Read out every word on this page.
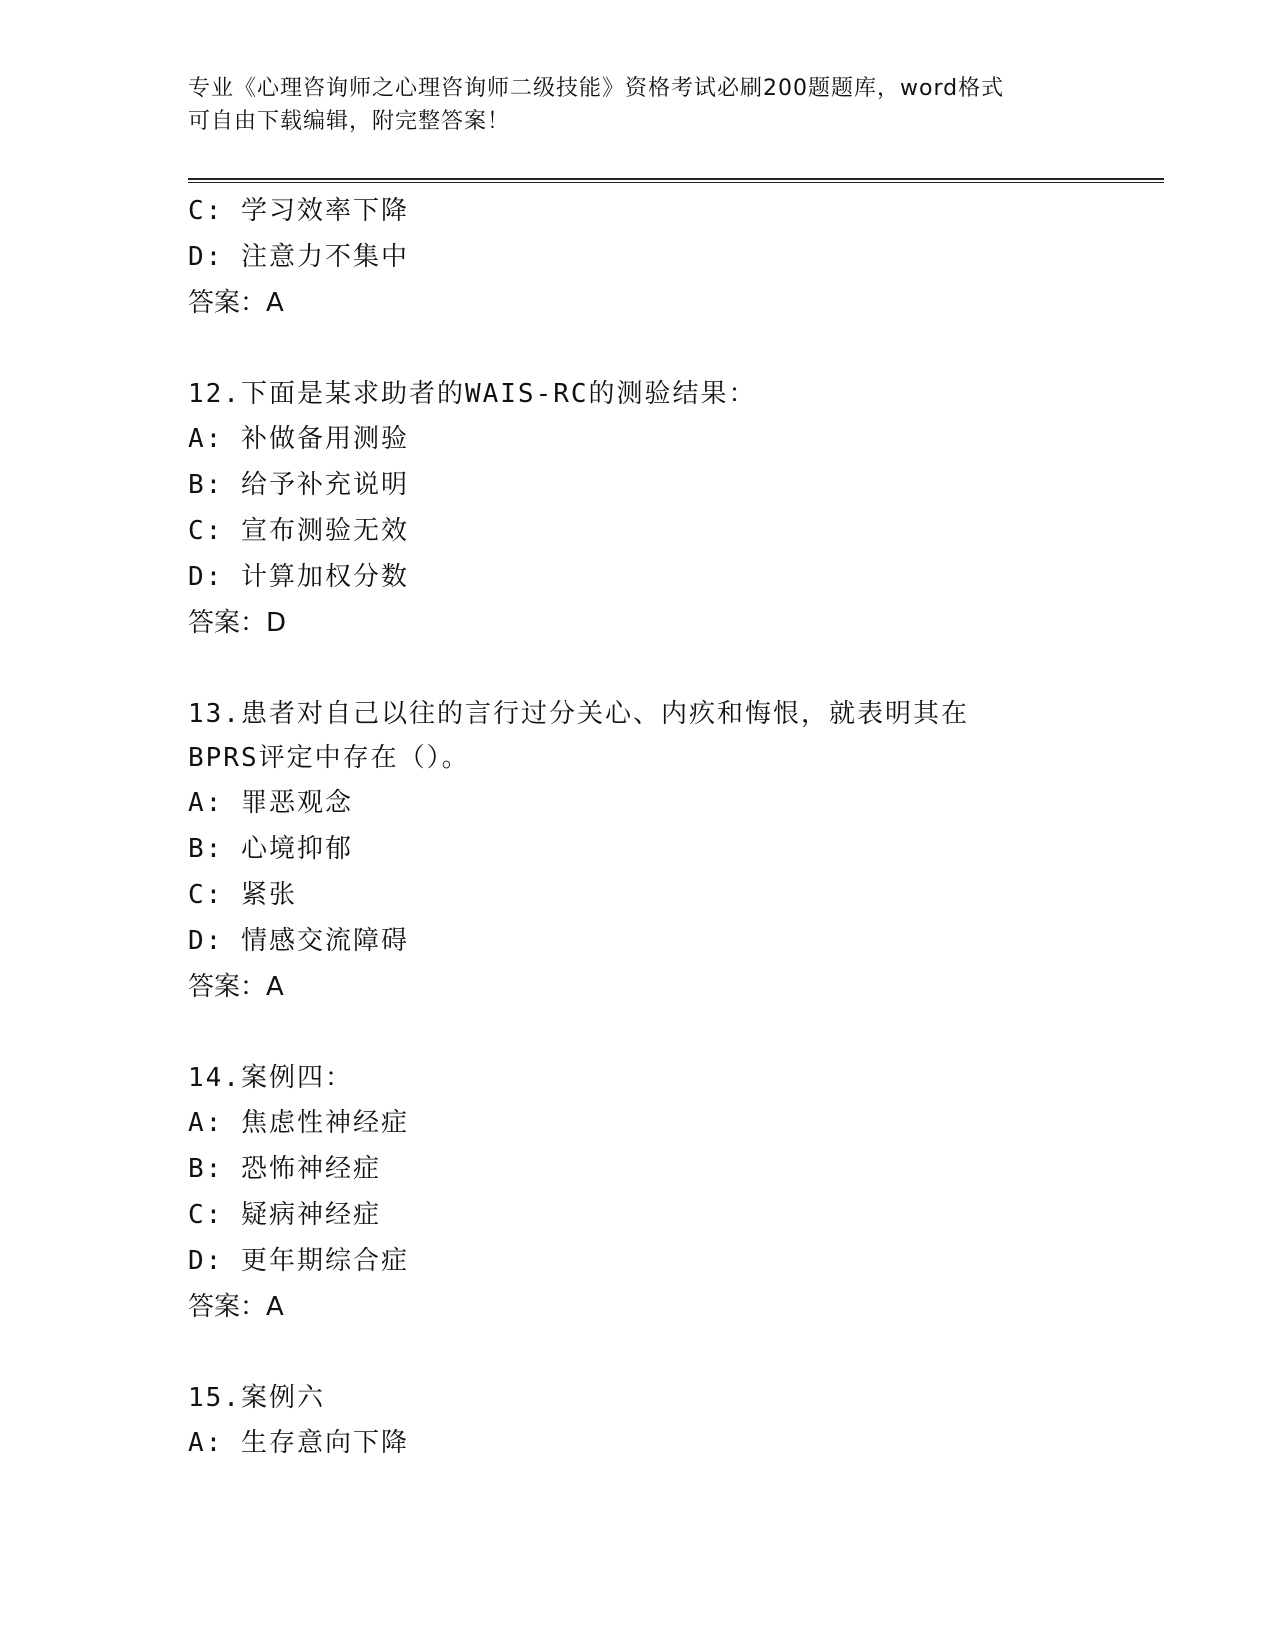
专业《心理咨询师之心理咨询师二级技能》资格考试必刷200题题库，word格式
可自由下载编辑，附完整答案！
C: 学习效率下降
D: 注意力不集中
答案：A
12.下面是某求助者的WAIS-RC的测验结果：
A: 补做备用测验
B: 给予补充说明
C: 宣布测验无效
D: 计算加权分数
答案：D
13.患者对自己以往的言行过分关心、内疚和悔恨，就表明其在BPRS评定中存在（）。
A: 罪恶观念
B: 心境抑郁
C: 紧张
D: 情感交流障碍
答案：A
14.案例四：
A: 焦虑性神经症
B: 恐怖神经症
C: 疑病神经症
D: 更年期综合症
答案：A
15.案例六
A: 生存意向下降
